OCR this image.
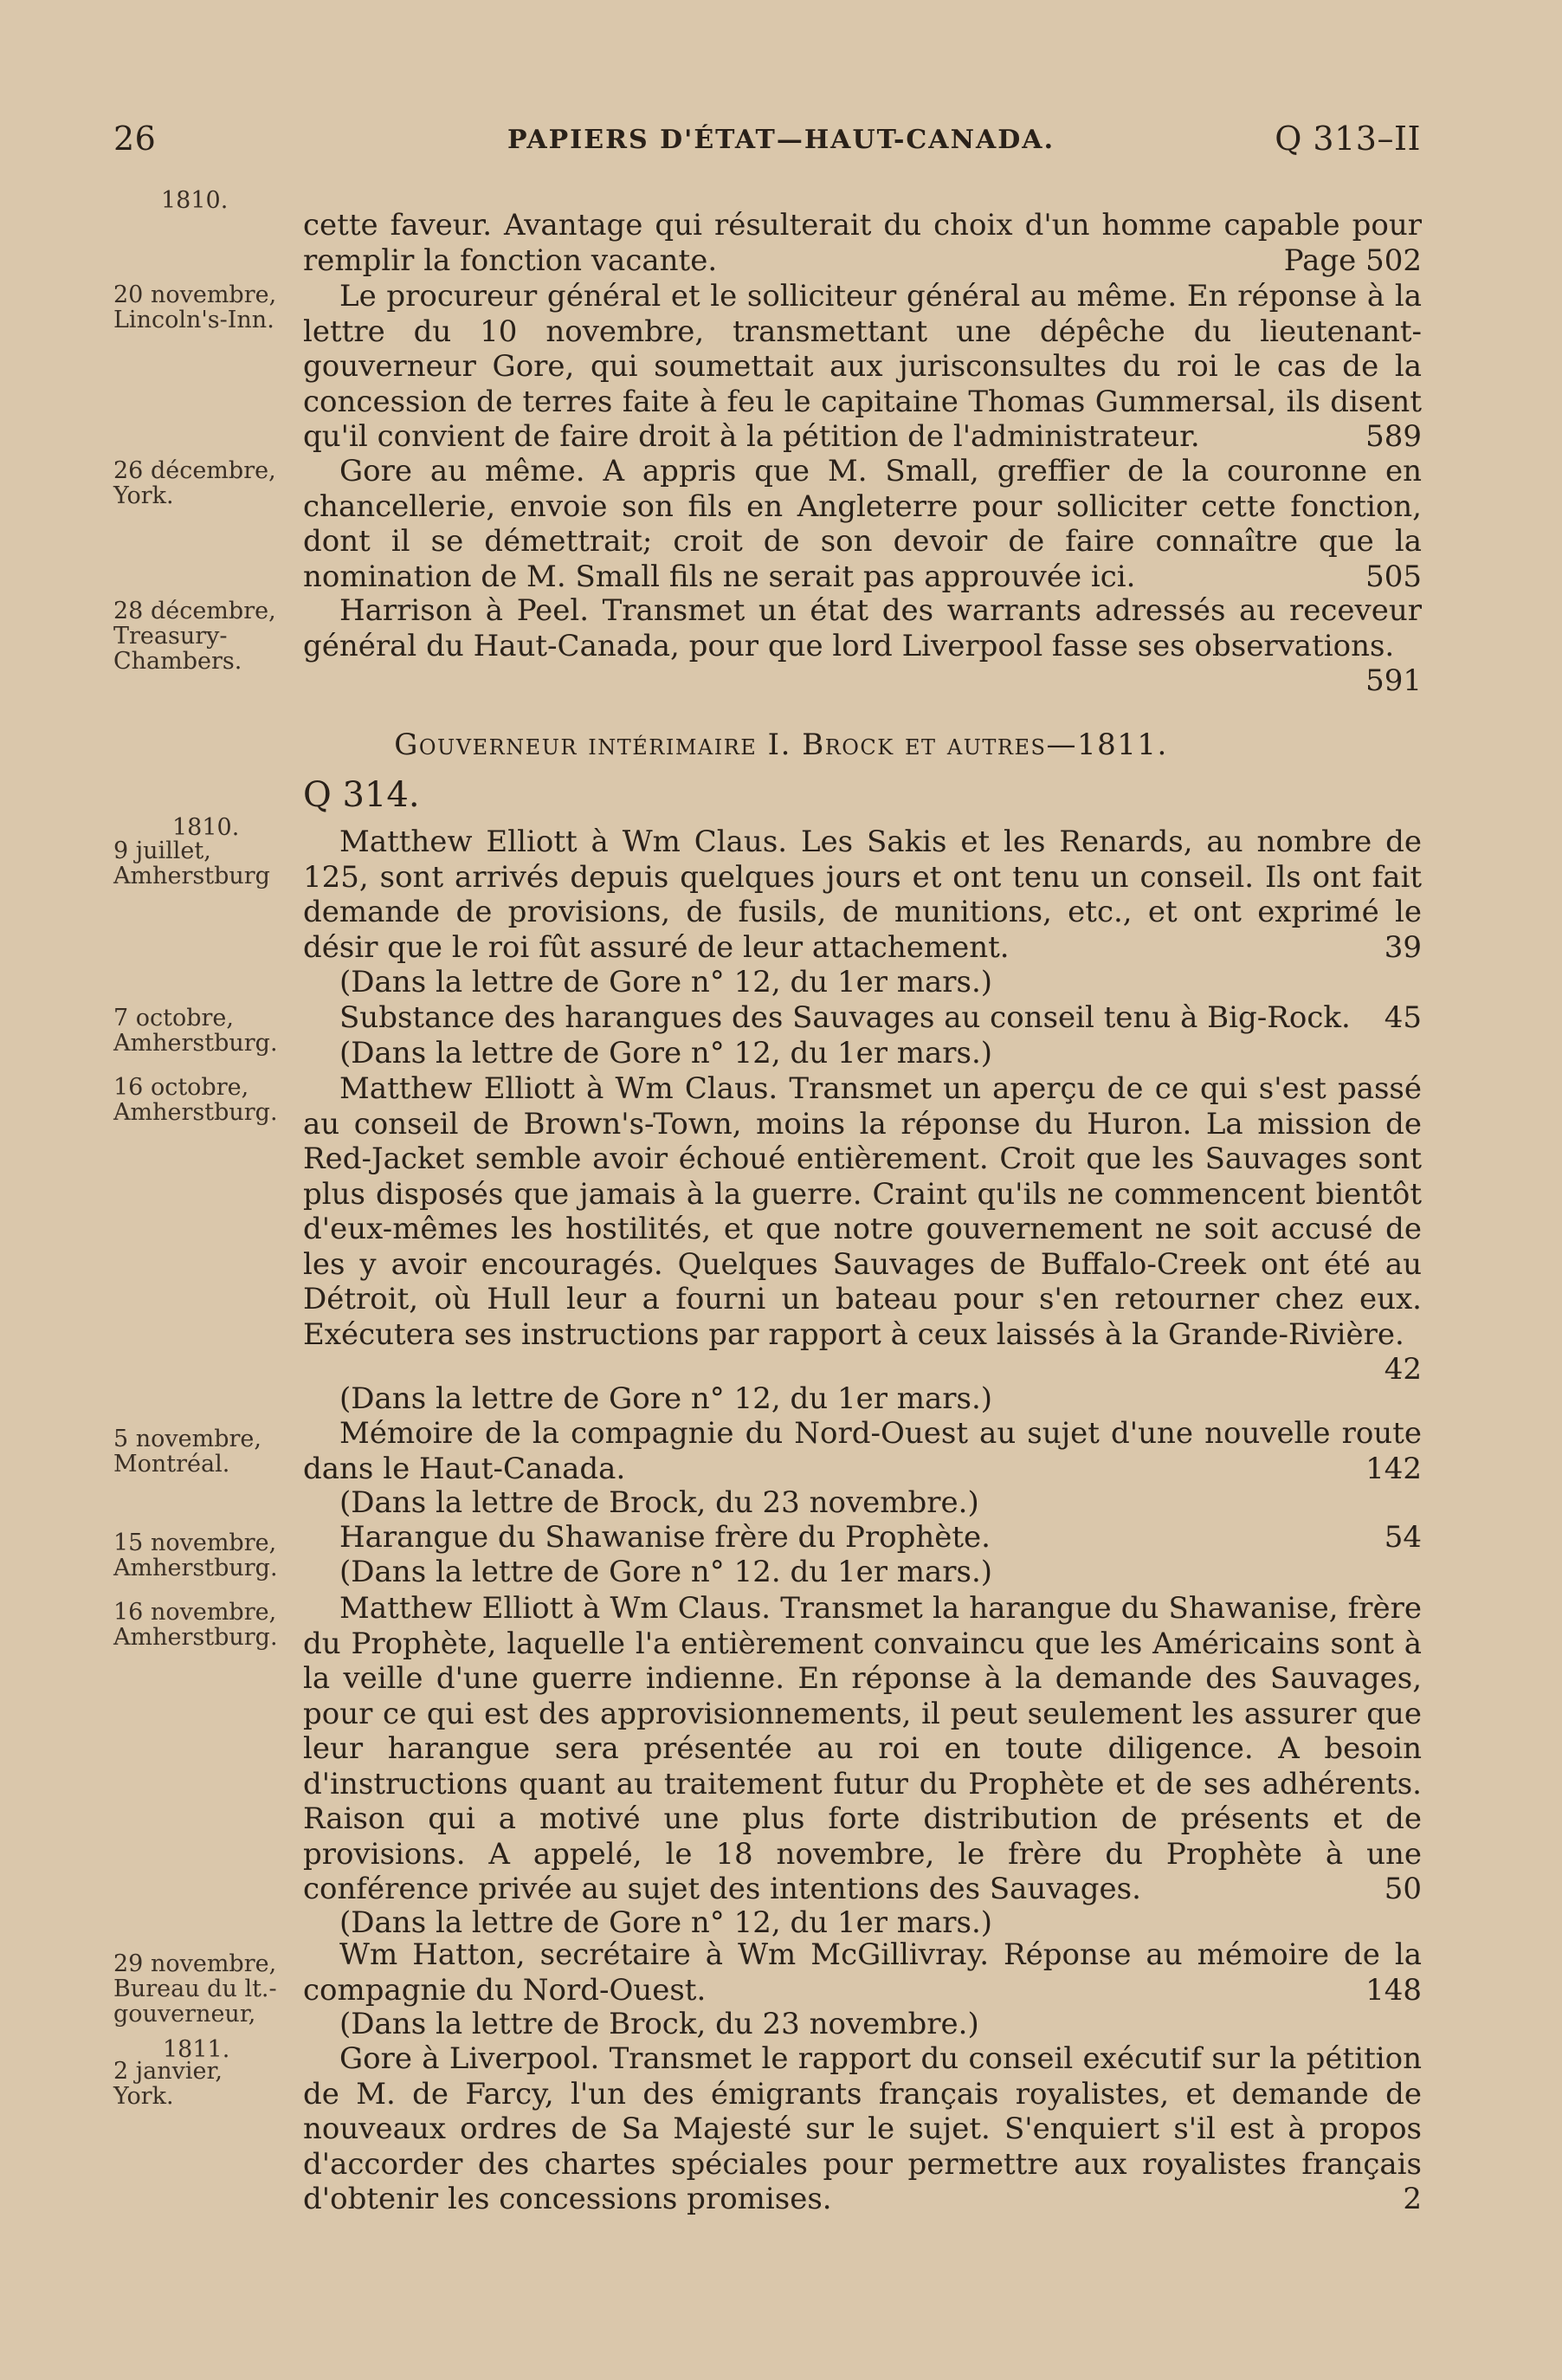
26	PAPIERS D'ÉTAT—HAUT-CANADA.	Q 313–II
1810.
cette faveur. Avantage qui résulterait du choix d'un homme capable pour remplir la fonction vacante.	Page 502
20 novembre,
Lincoln's-Inn.
Le procureur général et le solliciteur général au même. En réponse à la lettre du 10 novembre, transmettant une dépêche du lieutenant-gouverneur Gore, qui soumettait aux jurisconsultes du roi le cas de la concession de terres faite à feu le capitaine Thomas Gummersal, ils disent qu'il convient de faire droit à la pétition de l'administrateur.	589
26 décembre,
York.
Gore au même. A appris que M. Small, greffier de la couronne en chancellerie, envoie son fils en Angleterre pour solliciter cette fonction, dont il se démettrait; croit de son devoir de faire connaître que la nomination de M. Small fils ne serait pas approuvée ici.	505
28 décembre,
Treasury-Chambers.
Harrison à Peel. Transmet un état des warrants adressés au receveur général du Haut-Canada, pour que lord Liverpool fasse ses observations.

591
Gouverneur intérimaire I. Brock et autres—1811.
Q 314.
1810.
9 juillet,
Amherstburg
Matthew Elliott à Wm Claus. Les Sakis et les Renards, au nombre de 125, sont arrivés depuis quelques jours et ont tenu un conseil. Ils ont fait demande de provisions, de fusils, de munitions, etc., et ont exprimé le désir que le roi fût assuré de leur attachement.	39
(Dans la lettre de Gore n° 12, du 1er mars.)
7 octobre,
Amherstburg.
Substance des harangues des Sauvages au conseil tenu à Big-Rock. 45
(Dans la lettre de Gore n° 12, du 1er mars.)
16 octobre,
Amherstburg.
Matthew Elliott à Wm Claus. Transmet un aperçu de ce qui s'est passé au conseil de Brown's-Town, moins la réponse du Huron. La mission de Red-Jacket semble avoir échoué entièrement. Croit que les Sauvages sont plus disposés que jamais à la guerre. Craint qu'ils ne commencent bientôt d'eux-mêmes les hostilités, et que notre gouvernement ne soit accusé de les y avoir encouragés. Quelques Sauvages de Buffalo-Creek ont été au Détroit, où Hull leur a fourni un bateau pour s'en retourner chez eux. Exécutera ses instructions par rapport à ceux laissés à la Grande-Rivière.
42
(Dans la lettre de Gore n° 12, du 1er mars.)
5 novembre,
Montréal.
Mémoire de la compagnie du Nord-Ouest au sujet d'une nouvelle route dans le Haut-Canada.	142
(Dans la lettre de Brock, du 23 novembre.)
15 novembre,
Amherstburg.
Harangue du Shawanise frère du Prophète.	54
(Dans la lettre de Gore n° 12. du 1er mars.)
16 novembre,
Amherstburg.
Matthew Elliott à Wm Claus. Transmet la harangue du Shawanise, frère du Prophète, laquelle l'a entièrement convaincu que les Américains sont à la veille d'une guerre indienne. En réponse à la demande des Sauvages, pour ce qui est des approvisionnements, il peut seulement les assurer que leur harangue sera présentée au roi en toute diligence. A besoin d'instructions quant au traitement futur du Prophète et de ses adhérents. Raison qui a motivé une plus forte distribution de présents et de provisions. A appelé, le 18 novembre, le frère du Prophète à une conférence privée au sujet des intentions des Sauvages.	50
(Dans la lettre de Gore n° 12, du 1er mars.)
29 novembre,
Bureau du lt.-gouverneur,
Wm Hatton, secrétaire à Wm McGillivray. Réponse au mémoire de la compagnie du Nord-Ouest.	148
(Dans la lettre de Brock, du 23 novembre.)
1811.
2 janvier,
York.
Gore à Liverpool. Transmet le rapport du conseil exécutif sur la pétition de M. de Farcy, l'un des émigrants français royalistes, et demande de nouveaux ordres de Sa Majesté sur le sujet. S'enquiert s'il est à propos d'accorder des chartes spéciales pour permettre aux royalistes français d'obtenir les concessions promises.	2
